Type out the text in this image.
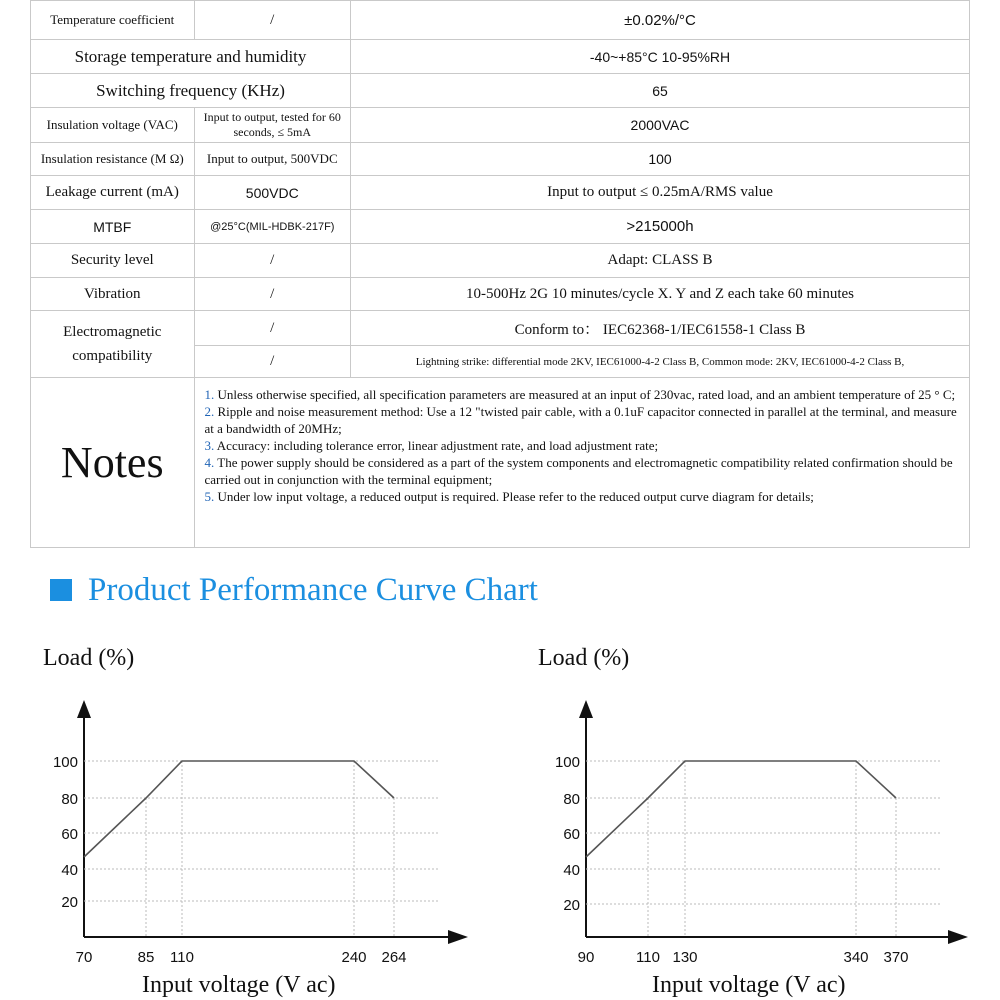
Temperature coefficient	/	±0.02%/°C
Storage temperature and humidity		-40~+85°C 10-95%RH
Switching frequency (KHz)		65
Insulation voltage (VAC)	Input to output, tested for 60 seconds, ≤ 5mA	2000VAC
Insulation resistance (M Ω)	Input to output, 500VDC	100
Leakage current (mA)	500VDC	Input to output ≤ 0.25mA/RMS value
MTBF	@25°C(MIL-HDBK-217F)	>215000h
Security level	/	Adapt: CLASS B
Vibration	/	10-500Hz 2G 10 minutes/cycle X. Y and Z each take 60 minutes
Electromagnetic compatibility	/	Conform to： IEC62368-1/IEC61558-1 Class B
	/	Lightning strike: differential mode 2KV, IEC61000-4-2 Class B, Common mode: 2KV, IEC61000-4-2 Class B,
Notes	1. Unless otherwise specified, all specification parameters are measured at an input of 230vac, rated load, and an ambient temperature of 25 ° C;
2. Ripple and noise measurement method: Use a 12 "twisted pair cable, with a 0.1uF capacitor connected in parallel at the terminal, and measure at a bandwidth of 20MHz;
3. Accuracy: including tolerance error, linear adjustment rate, and load adjustment rate;
4. The power supply should be considered as a part of the system components and electromagnetic compatibility related confirmation should be carried out in conjunction with the terminal equipment;
5. Under low input voltage, a reduced output is required. Please refer to the reduced output curve diagram for details;	
Product Performance Curve Chart
Load (%)
20
40
60
80
100
70	85 110	240 264
Input voltage (V ac)
Load (%)
20
40
60
80
100
90	110 130	340 370
Input voltage (V ac)
